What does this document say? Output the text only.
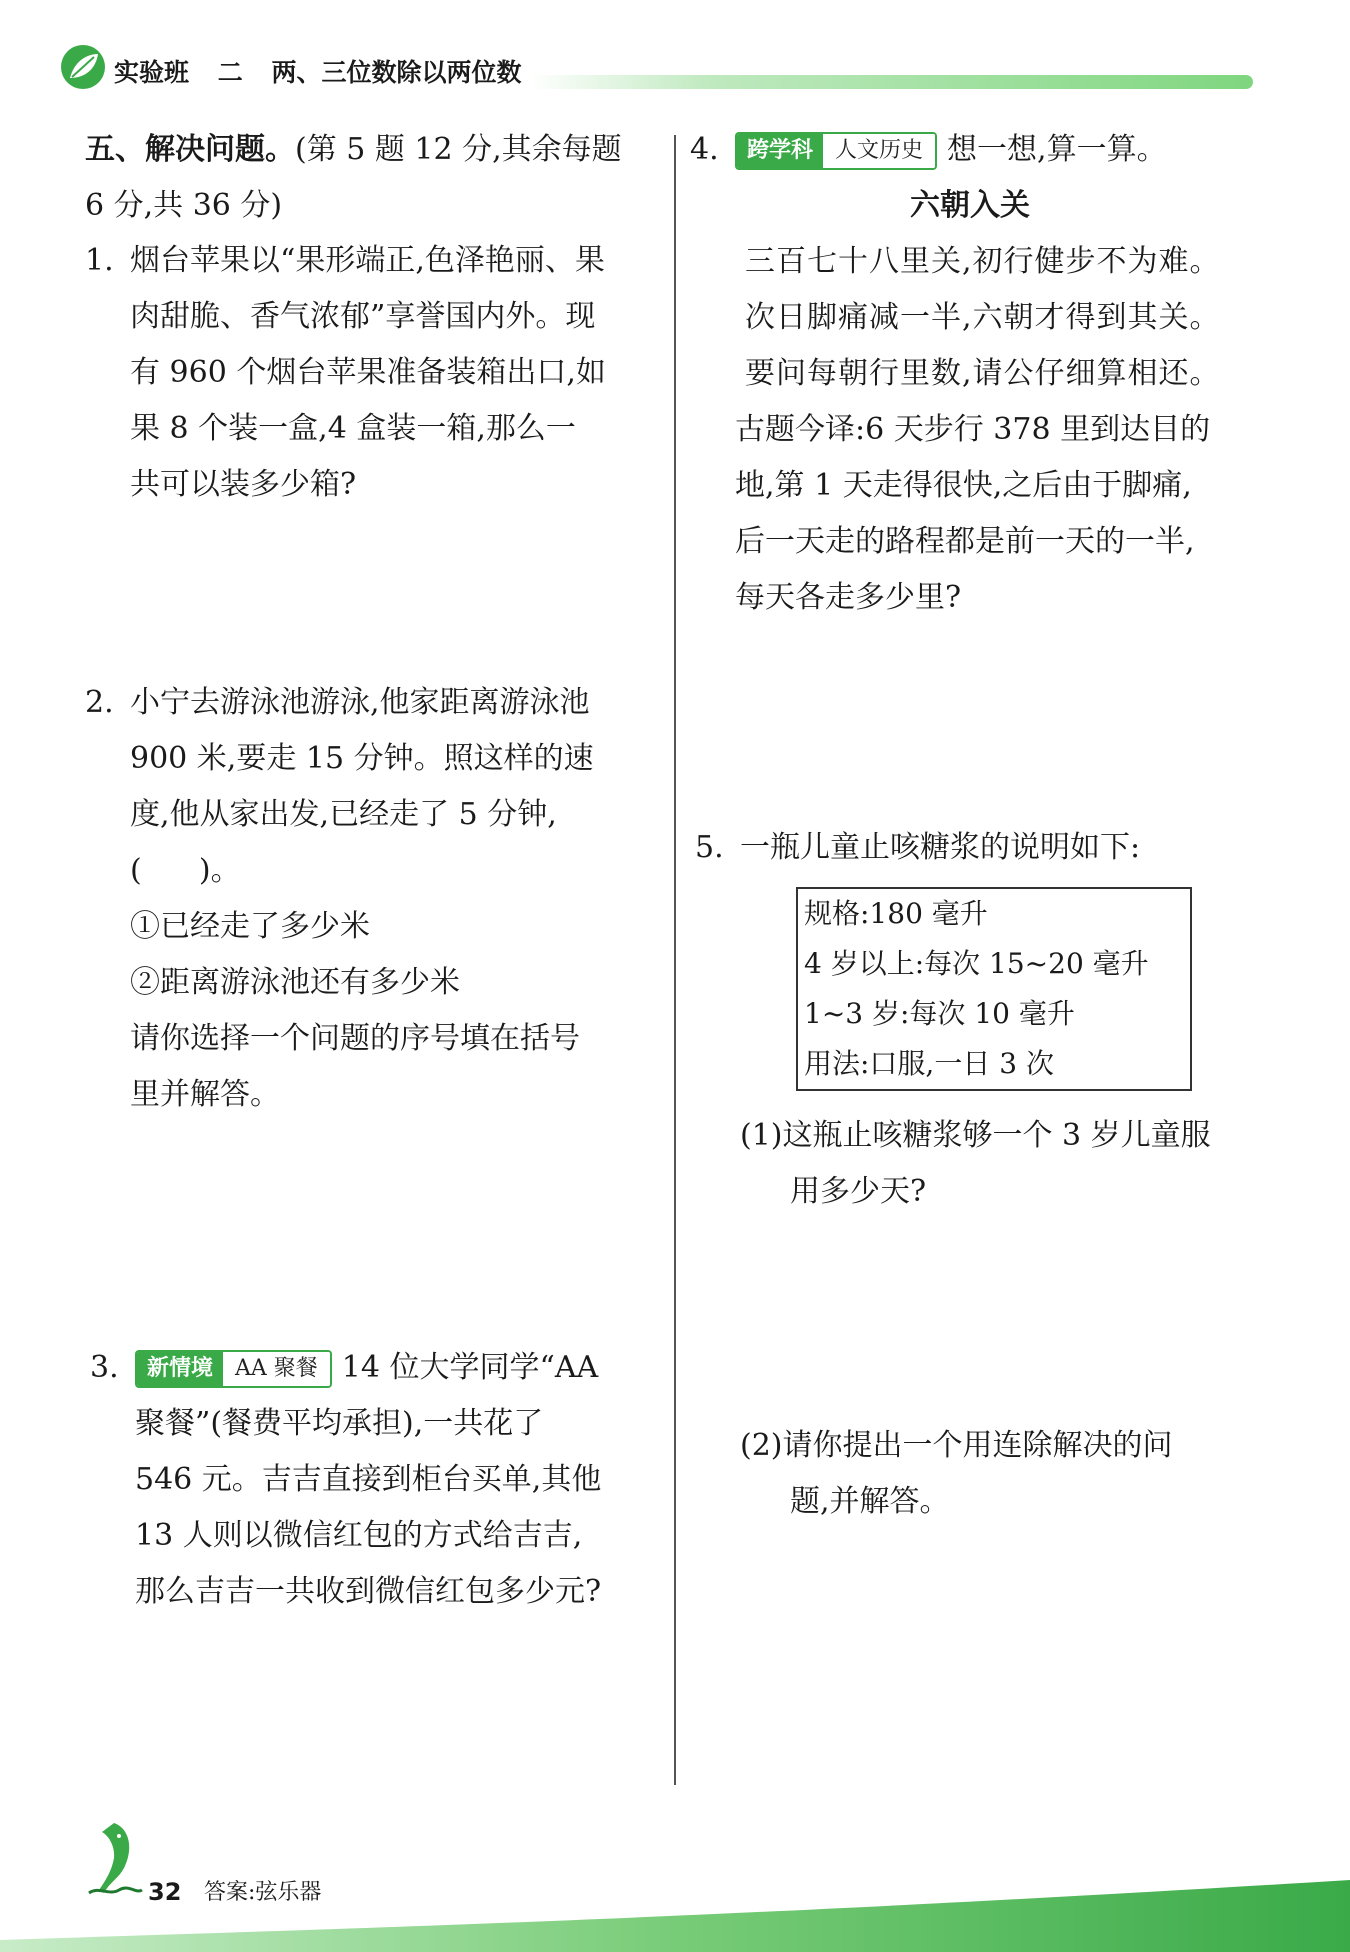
实验班 二 两、三位数除以两位数
五、解决问题。(第 5 题 12 分,其余每题 6 分,共 36 分)
1. 烟台苹果以“果形端正,色泽艳丽、果
肉甜脆、香气浓郁”享誉国内外。现
有 960 个烟台苹果准备装箱出口,如
果 8 个装一盒,4 盒装一箱,那么一
共可以装多少箱?
2. 小宁去游泳池游泳,他家距离游泳池
900 米,要走 15 分钟。照这样的速
度,他从家出发,已经走了 5 分钟,
(      )。
①已经走了多少米
②距离游泳池还有多少米
请你选择一个问题的序号填在括号
里并解答。
3.	新情境	AA 聚餐 14 位大学同学“AA
聚餐”(餐费平均承担),一共花了
546 元。吉吉直接到柜台买单,其他
13 人则以微信红包的方式给吉吉,
那么吉吉一共收到微信红包多少元?
4.	跨学科	人文历史 想一想,算一算。
六朝入关
三百七十八里关,初行健步不为难。
次日脚痛减一半,六朝才得到其关。
要问每朝行里数,请公仔细算相还。
古题今译:6 天步行 378 里到达目的
地,第 1 天走得很快,之后由于脚痛,
后一天走的路程都是前一天的一半,
每天各走多少里?
5. 一瓶儿童止咳糖浆的说明如下:
规格:180 毫升
4 岁以上:每次 15~20 毫升
1~3 岁:每次 10 毫升
用法:口服,一日 3 次
(1)这瓶止咳糖浆够一个 3 岁儿童服
用多少天?
(2)请你提出一个用连除解决的问
题,并解答。
32 答案:弦乐器
